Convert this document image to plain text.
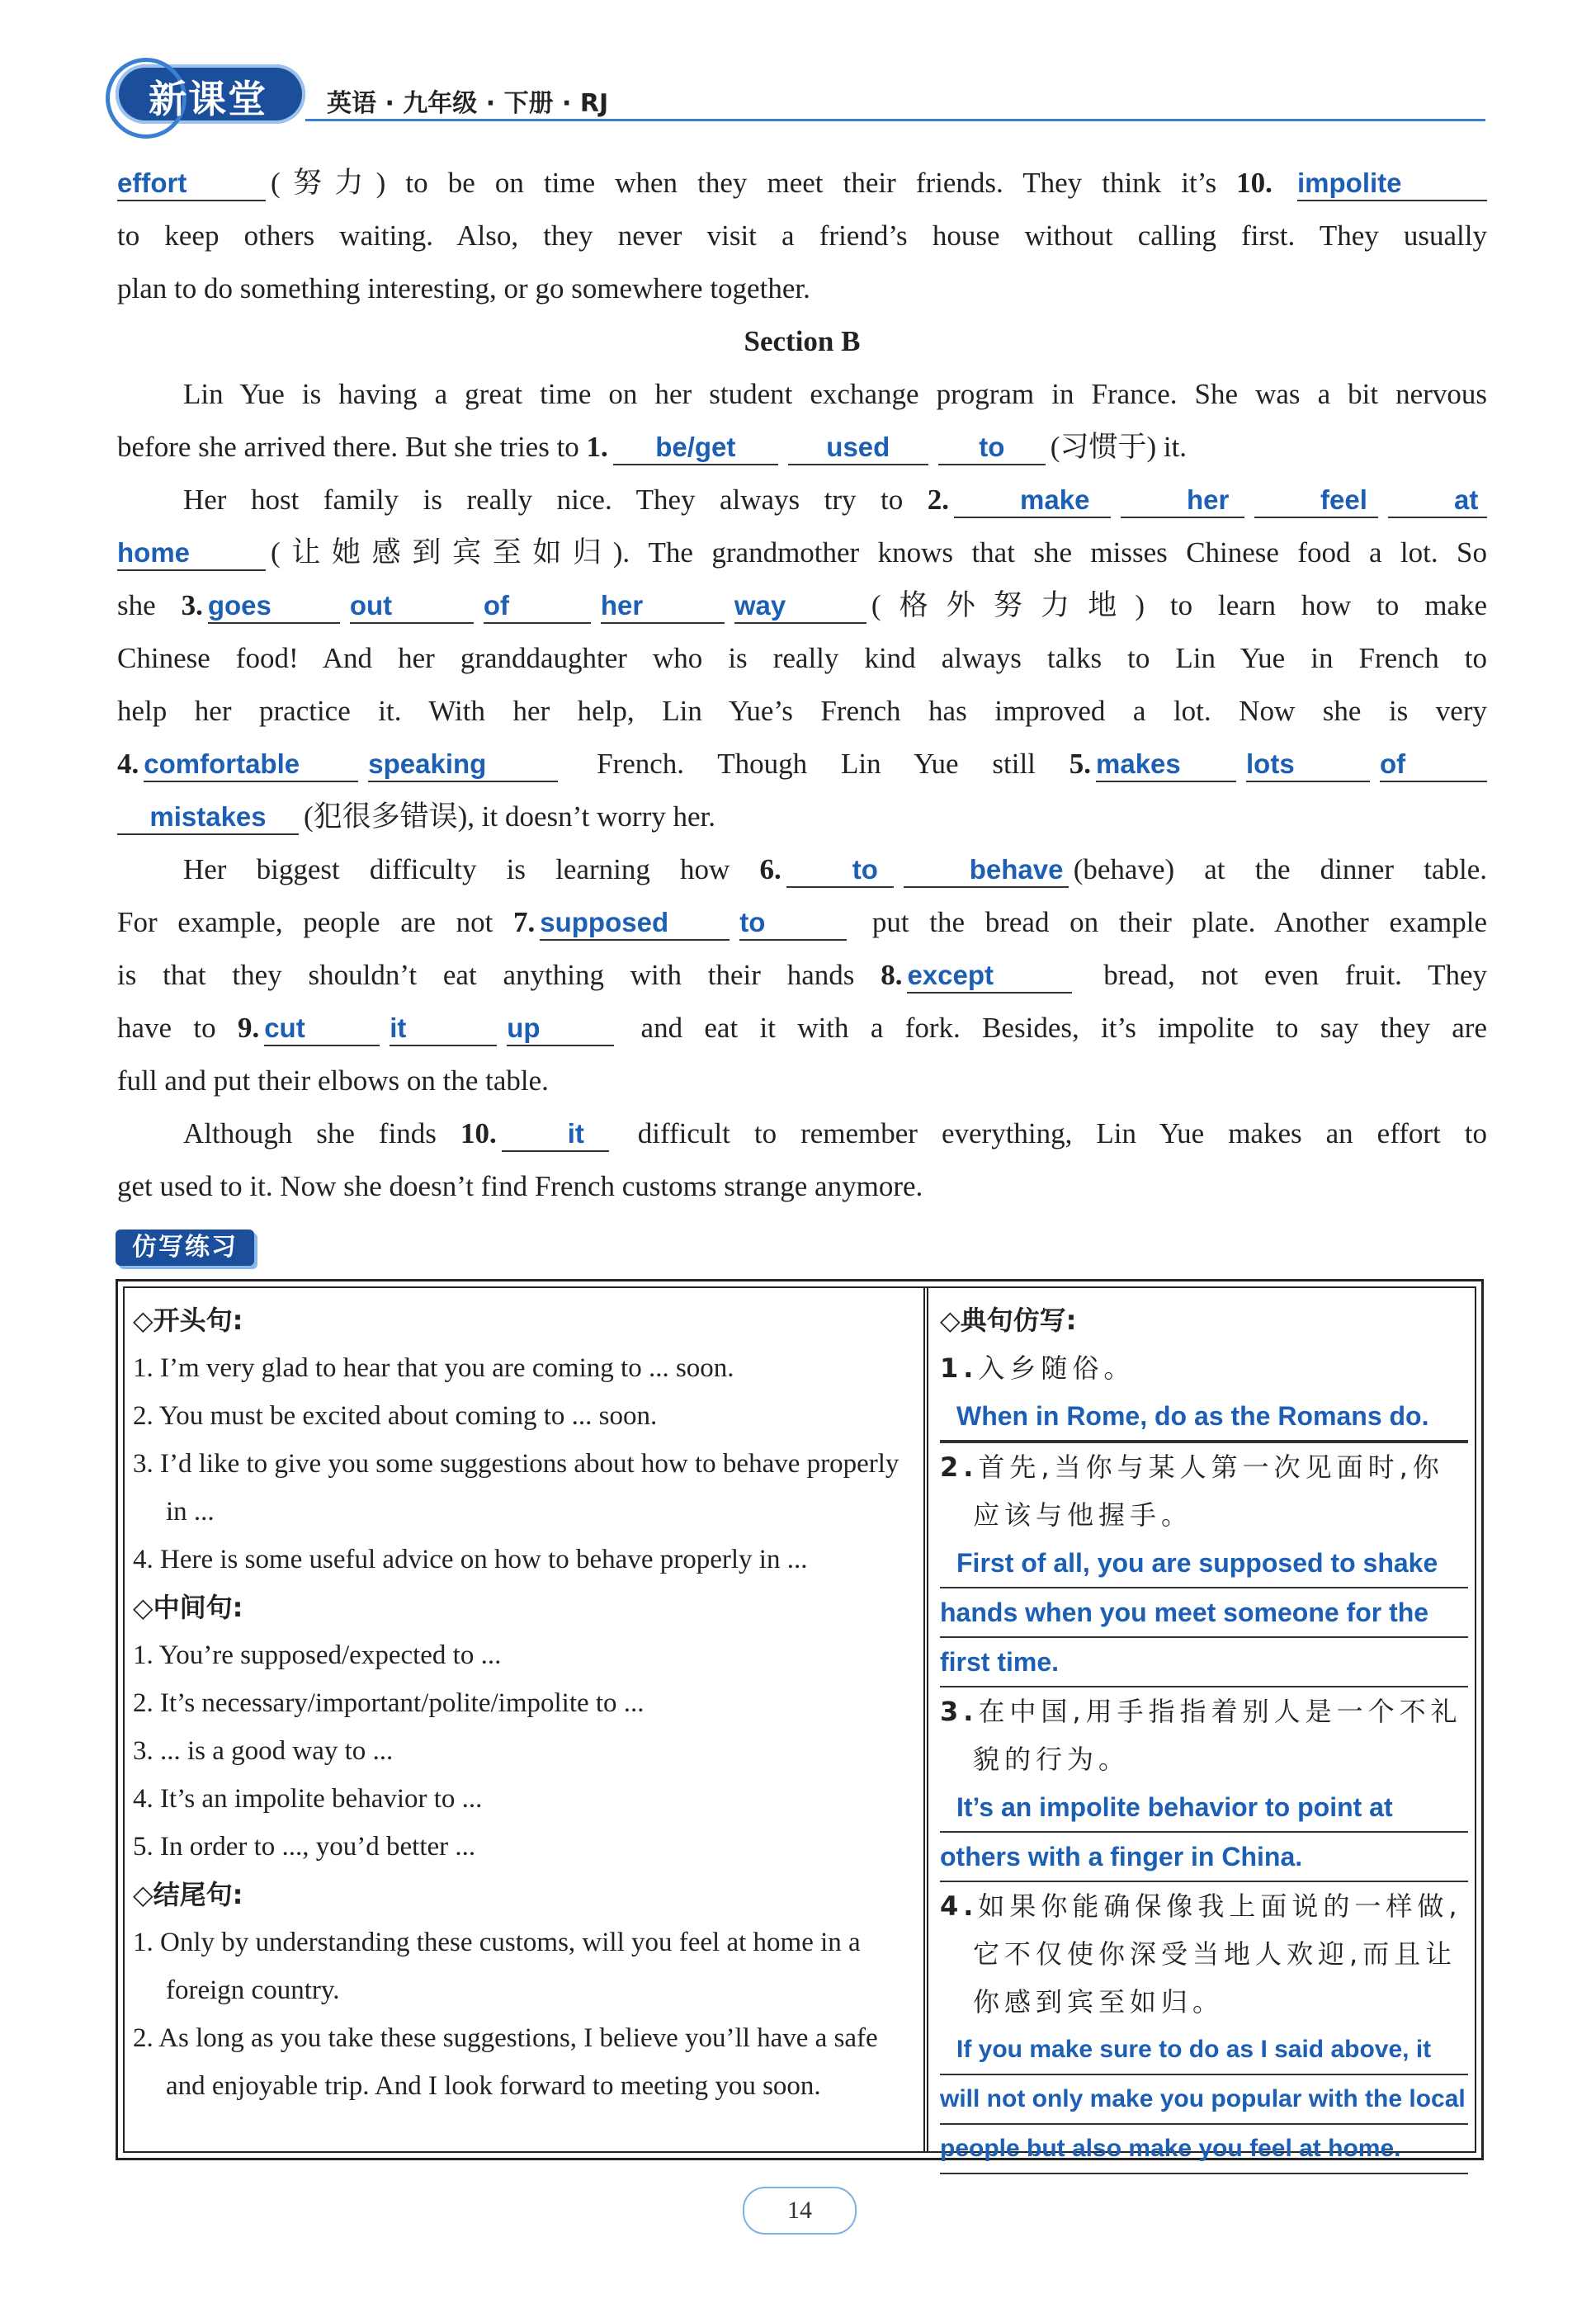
新课堂 英语 · 九年级 · 下册 · RJ

effort	(努力) to be on time when they meet their friends. They think it’s 10. impolite

to keep others waiting. Also, they never visit a friend’s house without calling first. They usually

plan to do something interesting, or go somewhere together.

Section B

Lin Yue is having a great time on her student exchange program in France. She was a bit nervous

before she arrived there. But she tries to 1. be/get	used	to (习惯于) it.

Her host family is really nice. They always try to 2.	make	her	feel	at

home	(让她感到宾至如归). The grandmother knows that she misses Chinese food a lot. So

she 3. goes	out	of	her	way	(格外努力地) to learn how to make

Chinese food! And her granddaughter who is really kind always talks to Lin Yue in French to

help her practice it. With her help, Lin Yue’s French has improved a lot. Now she is very

4. comfortable	speaking	French. Though Lin Yue still 5. makes lots	of

mistakes (犯很多错误), it doesn’t worry her.

Her biggest difficulty is learning how 6.	to	behave (behave) at the dinner table.

For example, people are not 7. supposed	to	put the bread on their plate. Another example

is that they shouldn’t eat anything with their hands 8. except	bread, not even fruit. They

have to 9. cut	it	up	and eat it with a fork. Besides, it’s impolite to say they are

full and put their elbows on the table.

Although she finds 10.	it difficult to remember everything, Lin Yue makes an effort to

get used to it. Now she doesn’t find French customs strange anymore.

仿写练习

◇开头句:

1. I’m very glad to hear that you are coming to ... soon.

2. You must be excited about coming to ... soon.

3. I’d like to give you some suggestions about how to behave properly in ...

4. Here is some useful advice on how to behave properly in ...

◇中间句:

1. You’re supposed/expected to ...

2. It’s necessary/important/polite/impolite to ...

3. ... is a good way to ...

4. It’s an impolite behavior to ...

5. In order to ..., you’d better ...

◇结尾句:

1. Only by understanding these customs, will you feel at home in a foreign country.

2. As long as you take these suggestions, I believe you’ll have a safe and enjoyable trip. And I look forward to meeting you soon.

◇典句仿写:

1.入乡随俗。

When in Rome, do as the Romans do.

2.首先,当你与某人第一次见面时,你应该与他握手。

First of all, you are supposed to shake
hands when you meet someone for the
first time.

3.在中国,用手指指着别人是一个不礼貌的行为。

It’s an impolite behavior to point at
others with a finger in China.

4.如果你能确保像我上面说的一样做,它不仅使你深受当地人欢迎,而且让你感到宾至如归。

If you make sure to do as I said above, it
will not only make you popular with the local
people but also make you feel at home.

14
